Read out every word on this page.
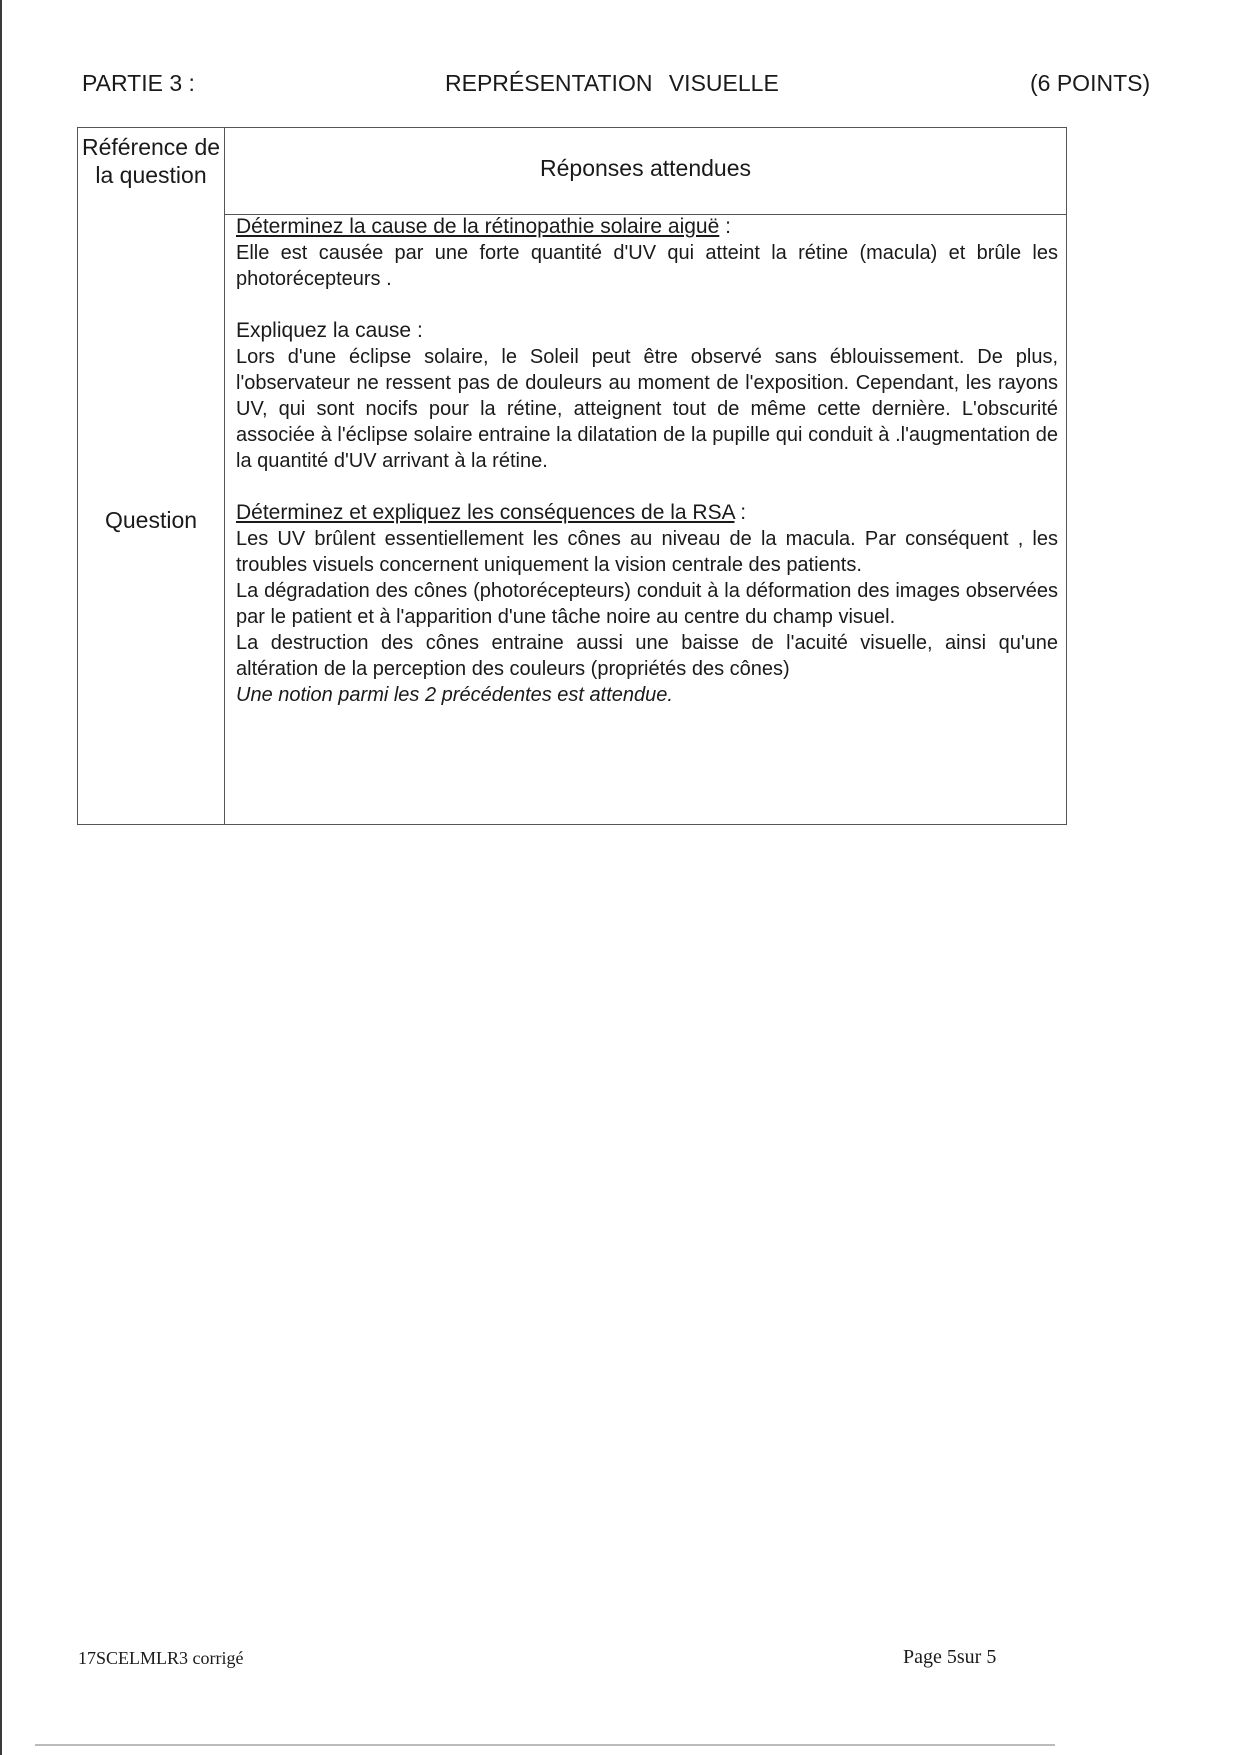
PARTIE 3 :	REPRÉSENTATION VISUELLE	(6 POINTS)
Référence de la question	Réponses attendues
Question

Déterminez la cause de la rétinopathie solaire aiguë :

Elle est causée par une forte quantité d'UV qui atteint la rétine (macula) et brûle les photorécepteurs .

Expliquez la cause :

Lors d'une éclipse solaire, le Soleil peut être observé sans éblouissement. De plus, l'observateur ne ressent pas de douleurs au moment de l'exposition. Cependant, les rayons UV, qui sont nocifs pour la rétine, atteignent tout de même cette dernière. L'obscurité associée à l'éclipse solaire entraine la dilatation de la pupille qui conduit à .l'augmentation de la quantité d'UV arrivant à la rétine.

Déterminez et expliquez les conséquences de la RSA :

Les UV brûlent essentiellement les cônes au niveau de la macula. Par conséquent , les troubles visuels concernent uniquement la vision centrale des patients.

La dégradation des cônes (photorécepteurs) conduit à la déformation des images observées par le patient et à l'apparition d'une tâche noire au centre du champ visuel.

La destruction des cônes entraine aussi une baisse de l'acuité visuelle, ainsi qu'une altération de la perception des couleurs (propriétés des cônes)

Une notion parmi les 2 précédentes est attendue.

17SCELMLR3 corrigé	Page 5sur 5
